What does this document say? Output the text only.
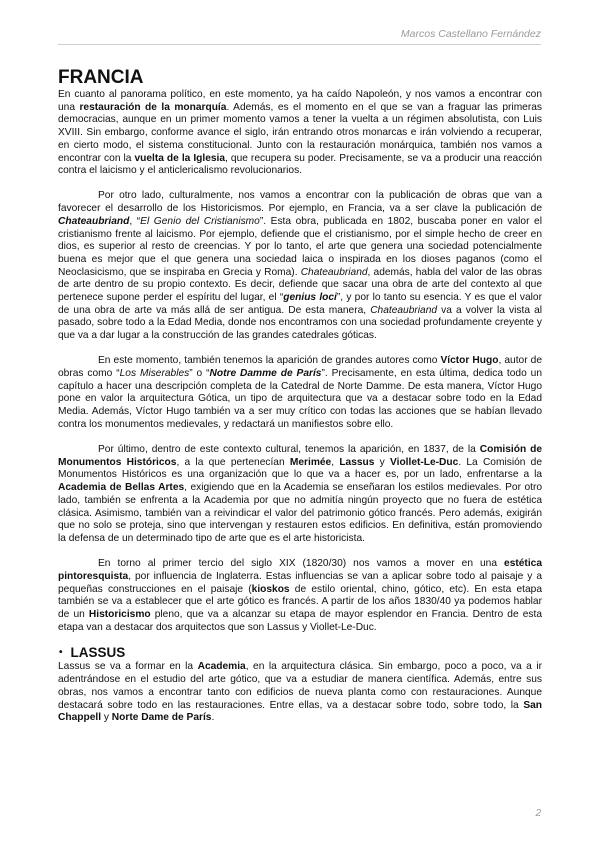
Marcos Castellano Fernández
FRANCIA

En cuanto al panorama político, en este momento, ya ha caído Napoleón, y nos vamos a encontrar con una restauración de la monarquía. Además, es el momento en el que se van a fraguar las primeras democracias, aunque en un primer momento vamos a tener la vuelta a un régimen absolutista, con Luis XVIII. Sin embargo, conforme avance el siglo, irán entrando otros monarcas e irán volviendo a recuperar, en cierto modo, el sistema constitucional. Junto con la restauración monárquica, también nos vamos a encontrar con la vuelta de la Iglesia, que recupera su poder. Precisamente, se va a producir una reacción contra el laicismo y el anticlericalismo revolucionarios.

Por otro lado, culturalmente, nos vamos a encontrar con la publicación de obras que van a favorecer el desarrollo de los Historicismos. Por ejemplo, en Francia, va a ser clave la publicación de Chateaubriand, “El Genio del Cristianismo”. Esta obra, publicada en 1802, buscaba poner en valor el cristianismo frente al laicismo. Por ejemplo, defiende que el cristianismo, por el simple hecho de creer en dios, es superior al resto de creencias. Y por lo tanto, el arte que genera una sociedad potencialmente buena es mejor que el que genera una sociedad laica o inspirada en los dioses paganos (como el Neoclasicismo, que se inspiraba en Grecia y Roma). Chateaubriand, además, habla del valor de las obras de arte dentro de su propio contexto. Es decir, defiende que sacar una obra de arte del contexto al que pertenece supone perder el espíritu del lugar, el “genius loci”, y por lo tanto su esencia. Y es que el valor de una obra de arte va más allá de ser antigua. De esta manera, Chateaubriand va a volver la vista al pasado, sobre todo a la Edad Media, donde nos encontramos con una sociedad profundamente creyente y que va a dar lugar a la construcción de las grandes catedrales góticas.

En este momento, también tenemos la aparición de grandes autores como Víctor Hugo, autor de obras como “Los Miserables” o “Notre Damme de París”. Precisamente, en esta última, dedica todo un capítulo a hacer una descripción completa de la Catedral de Norte Damme. De esta manera, Víctor Hugo pone en valor la arquitectura Gótica, un tipo de arquitectura que va a destacar sobre todo en la Edad Media. Además, Víctor Hugo también va a ser muy crítico con todas las acciones que se habían llevado contra los monumentos medievales, y redactará un manifiestos sobre ello.

Por último, dentro de este contexto cultural, tenemos la aparición, en 1837, de la Comisión de Monumentos Históricos, a la que pertenecían Merimée, Lassus y Viollet-Le-Duc. La Comisión de Monumentos Históricos es una organización que lo que va a hacer es, por un lado, enfrentarse a la Academia de Bellas Artes, exigiendo que en la Academia se enseñaran los estilos medievales. Por otro lado, también se enfrenta a la Academia por que no admitía ningún proyecto que no fuera de estética clásica. Asimismo, también van a reivindicar el valor del patrimonio gótico francés. Pero además, exigirán que no solo se proteja, sino que intervengan y restauren estos edificios. En definitiva, están promoviendo la defensa de un determinado tipo de arte que es el arte historicista.

En torno al primer tercio del siglo XIX (1820/30) nos vamos a mover en una estética pintoresquista, por influencia de Inglaterra. Estas influencias se van a aplicar sobre todo al paisaje y a pequeñas construcciones en el paisaje (kioskos de estilo oriental, chino, gótico, etc). En esta etapa también se va a establecer que el arte gótico es francés. A partir de los años 1830/40 ya podemos hablar de un Historicismo pleno, que va a alcanzar su etapa de mayor esplendor en Francia. Dentro de esta etapa van a destacar dos arquitectos que son Lassus y Viollet-Le-Duc.

• LASSUS

Lassus se va a formar en la Academia, en la arquitectura clásica. Sin embargo, poco a poco, va a ir adentrándose en el estudio del arte gótico, que va a estudiar de manera científica. Además, entre sus obras, nos vamos a encontrar tanto con edificios de nueva planta como con restauraciones. Aunque destacará sobre todo en las restauraciones. Entre ellas, va a destacar sobre todo, sobre todo, la San Chappell y Norte Dame de París.

2
